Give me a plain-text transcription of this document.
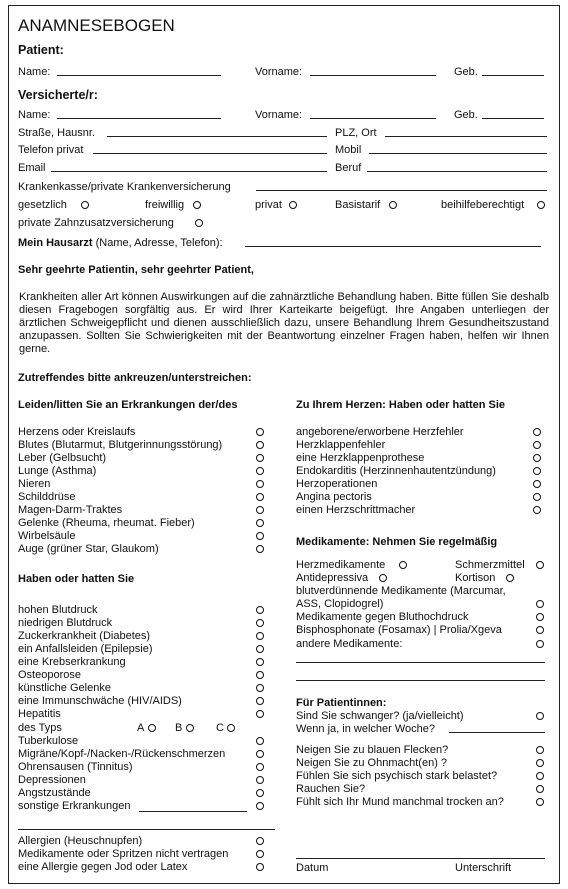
ANAMNESEBOGEN
Patient:
Name:	Vorname:	Geb.
Versicherte/r:
Name:	Vorname:	Geb.
Straße, Hausnr.	PLZ, Ort
Telefon privat	Mobil
Email	Beruf
Krankenkasse/private Krankenversicherung
gesetzlich	freiwillig	privat	Basistarif	beihilfeberechtigt
private Zahnzusatzversicherung
Mein Hausarzt (Name, Adresse, Telefon):
Sehr geehrte Patientin, sehr geehrter Patient,
Krankheiten aller Art können Auswirkungen auf die zahnärztliche Behandlung haben. Bitte füllen Sie deshalb diesen Fragebogen sorgfältig aus. Er wird Ihrer Karteikarte beigefügt. Ihre Angaben unterliegen der ärztlichen Schweigepflicht und dienen ausschließlich dazu, unsere Behandlung Ihrem Gesundheitszustand anzupassen. Sollten Sie Schwierigkeiten mit der Beantwortung einzelner Fragen haben, helfen wir Ihnen gerne.
Zutreffendes bitte ankreuzen/unterstreichen:
Leiden/litten Sie an Erkrankungen der/des
Herzens oder Kreislaufs
Blutes (Blutarmut, Blutgerinnungsstörung)
Leber (Gelbsucht)
Lunge (Asthma)
Nieren
Schilddrüse
Magen-Darm-Traktes
Gelenke (Rheuma, rheumat. Fieber)
Wirbelsäule
Auge (grüner Star, Glaukom)
Haben oder hatten Sie
hohen Blutdruck
niedrigen Blutdruck
Zuckerkrankheit (Diabetes)
ein Anfallsleiden (Epilepsie)
eine Krebserkrankung
Osteoporose
künstliche Gelenke
eine Immunschwäche (HIV/AIDS)
Hepatitis
des Typs	A	B	C
Tuberkulose
Migräne/Kopf-/Nacken-/Rückenschmerzen
Ohrensausen (Tinnitus)
Depressionen
Angstzustände
sonstige Erkrankungen
Allergien (Heuschnupfen)
Medikamente oder Spritzen nicht vertragen
eine Allergie gegen Jod oder Latex
Zu Ihrem Herzen: Haben oder hatten Sie
angeborene/erworbene Herzfehler
Herzklappenfehler
eine Herzklappenprothese
Endokarditis (Herzinnenhautentzündung)
Herzoperationen
Angina pectoris
einen Herzschrittmacher
Medikamente: Nehmen Sie regelmäßig
Herzmedikamente	Schmerzmittel
Antidepressiva	Kortison
blutverdünnende Medikamente (Marcumar,
ASS, Clopidogrel)
Medikamente gegen Bluthochdruck
Bisphosphonate (Fosamax) | Prolia/Xgeva
andere Medikamente:
Für Patientinnen:
Sind Sie schwanger? (ja/vielleicht)
Wenn ja, in welcher Woche?
Neigen Sie zu blauen Flecken?
Neigen Sie zu Ohnmacht(en) ?
Fühlen Sie sich psychisch stark belastet?
Rauchen Sie?
Fühlt sich Ihr Mund manchmal trocken an?
Datum	Unterschrift
